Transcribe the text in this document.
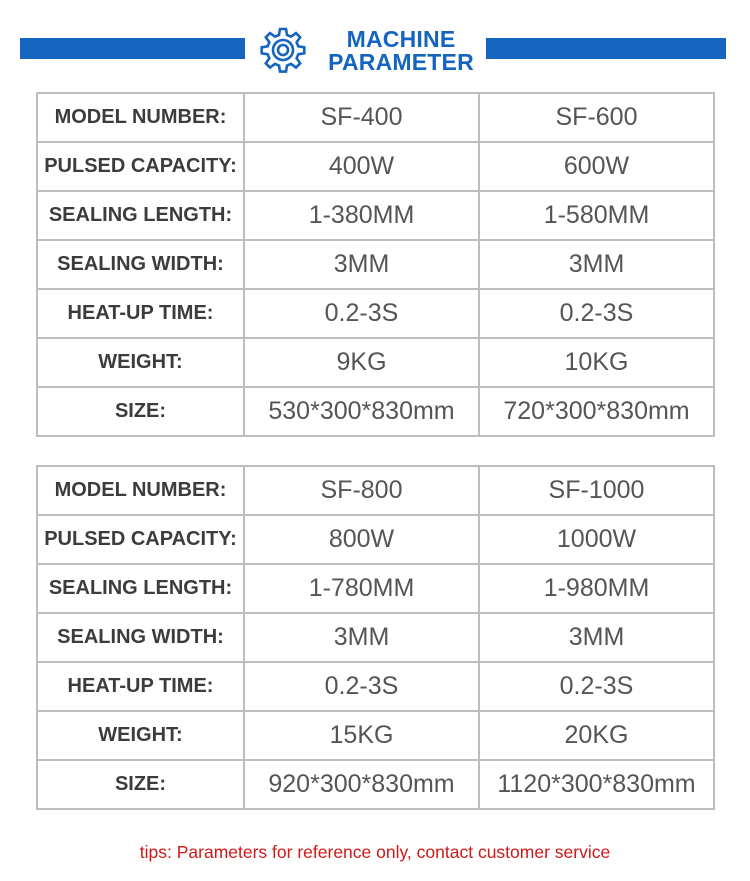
MACHINE
PARAMETER
MODEL NUMBER:	SF-400	SF-600
PULSED CAPACITY:	400W	600W
SEALING LENGTH:	1-380MM	1-580MM
SEALING WIDTH:	3MM	3MM
HEAT-UP TIME:	0.2-3S	0.2-3S
WEIGHT:	9KG	10KG
SIZE:	530*300*830mm	720*300*830mm
MODEL NUMBER:	SF-800	SF-1000
PULSED CAPACITY:	800W	1000W
SEALING LENGTH:	1-780MM	1-980MM
SEALING WIDTH:	3MM	3MM
HEAT-UP TIME:	0.2-3S	0.2-3S
WEIGHT:	15KG	20KG
SIZE:	920*300*830mm	1120*300*830mm
tips: Parameters for reference only, contact customer service
